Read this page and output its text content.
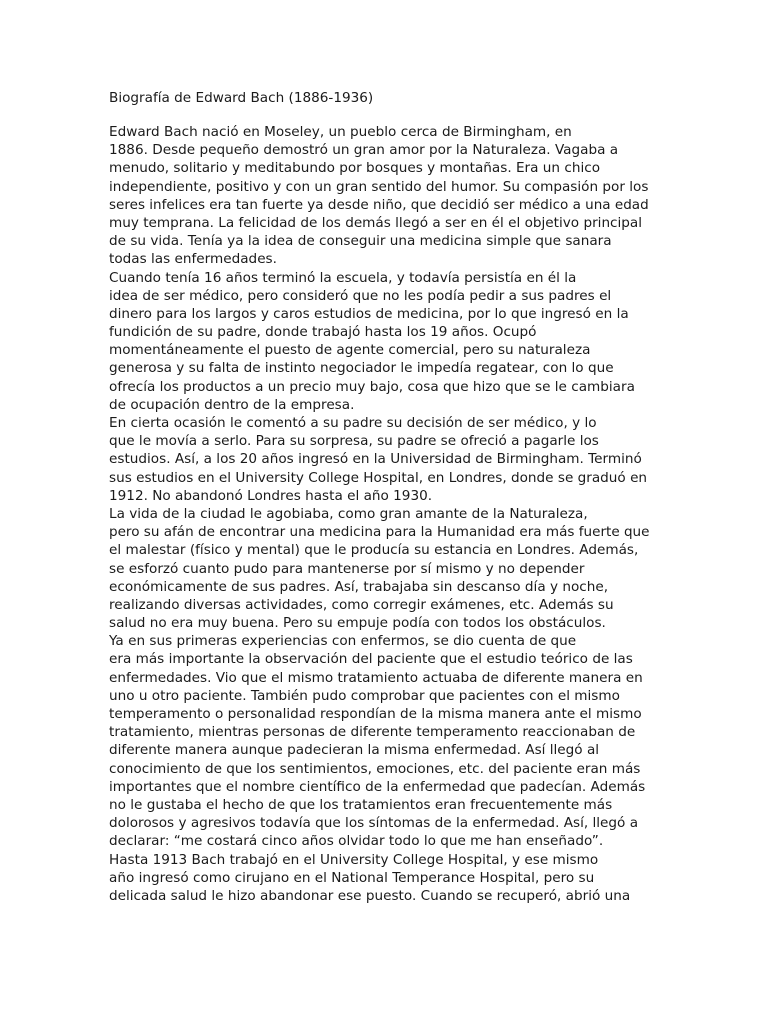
Biografía de Edward Bach (1886-1936)
Edward Bach nació en Moseley, un pueblo cerca de Birmingham, en
1886. Desde pequeño demostró un gran amor por la Naturaleza. Vagaba a
menudo, solitario y meditabundo por bosques y montañas. Era un chico
independiente, positivo y con un gran sentido del humor. Su compasión por los
seres infelices era tan fuerte ya desde niño, que decidió ser médico a una edad
muy temprana. La felicidad de los demás llegó a ser en él el objetivo principal
de su vida. Tenía ya la idea de conseguir una medicina simple que sanara
todas las enfermedades.
Cuando tenía 16 años terminó la escuela, y todavía persistía en él la
idea de ser médico, pero consideró que no les podía pedir a sus padres el
dinero para los largos y caros estudios de medicina, por lo que ingresó en la
fundición de su padre, donde trabajó hasta los 19 años. Ocupó
momentáneamente el puesto de agente comercial, pero su naturaleza
generosa y su falta de instinto negociador le impedía regatear, con lo que
ofrecía los productos a un precio muy bajo, cosa que hizo que se le cambiara
de ocupación dentro de la empresa.
En cierta ocasión le comentó a su padre su decisión de ser médico, y lo
que le movía a serlo. Para su sorpresa, su padre se ofreció a pagarle los
estudios. Así, a los 20 años ingresó en la Universidad de Birmingham. Terminó
sus estudios en el University College Hospital, en Londres, donde se graduó en
1912. No abandonó Londres hasta el año 1930.
La vida de la ciudad le agobiaba, como gran amante de la Naturaleza,
pero su afán de encontrar una medicina para la Humanidad era más fuerte que
el malestar (físico y mental) que le producía su estancia en Londres. Además,
se esforzó cuanto pudo para mantenerse por sí mismo y no depender
económicamente de sus padres. Así, trabajaba sin descanso día y noche,
realizando diversas actividades, como corregir exámenes, etc. Además su
salud no era muy buena. Pero su empuje podía con todos los obstáculos.
Ya en sus primeras experiencias con enfermos, se dio cuenta de que
era más importante la observación del paciente que el estudio teórico de las
enfermedades. Vio que el mismo tratamiento actuaba de diferente manera en
uno u otro paciente. También pudo comprobar que pacientes con el mismo
temperamento o personalidad respondían de la misma manera ante el mismo
tratamiento, mientras personas de diferente temperamento reaccionaban de
diferente manera aunque padecieran la misma enfermedad. Así llegó al
conocimiento de que los sentimientos, emociones, etc. del paciente eran más
importantes que el nombre científico de la enfermedad que padecían. Además
no le gustaba el hecho de que los tratamientos eran frecuentemente más
dolorosos y agresivos todavía que los síntomas de la enfermedad. Así, llegó a
declarar: “me costará cinco años olvidar todo lo que me han enseñado”.
Hasta 1913 Bach trabajó en el University College Hospital, y ese mismo
año ingresó como cirujano en el National Temperance Hospital, pero su
delicada salud le hizo abandonar ese puesto. Cuando se recuperó, abrió una
